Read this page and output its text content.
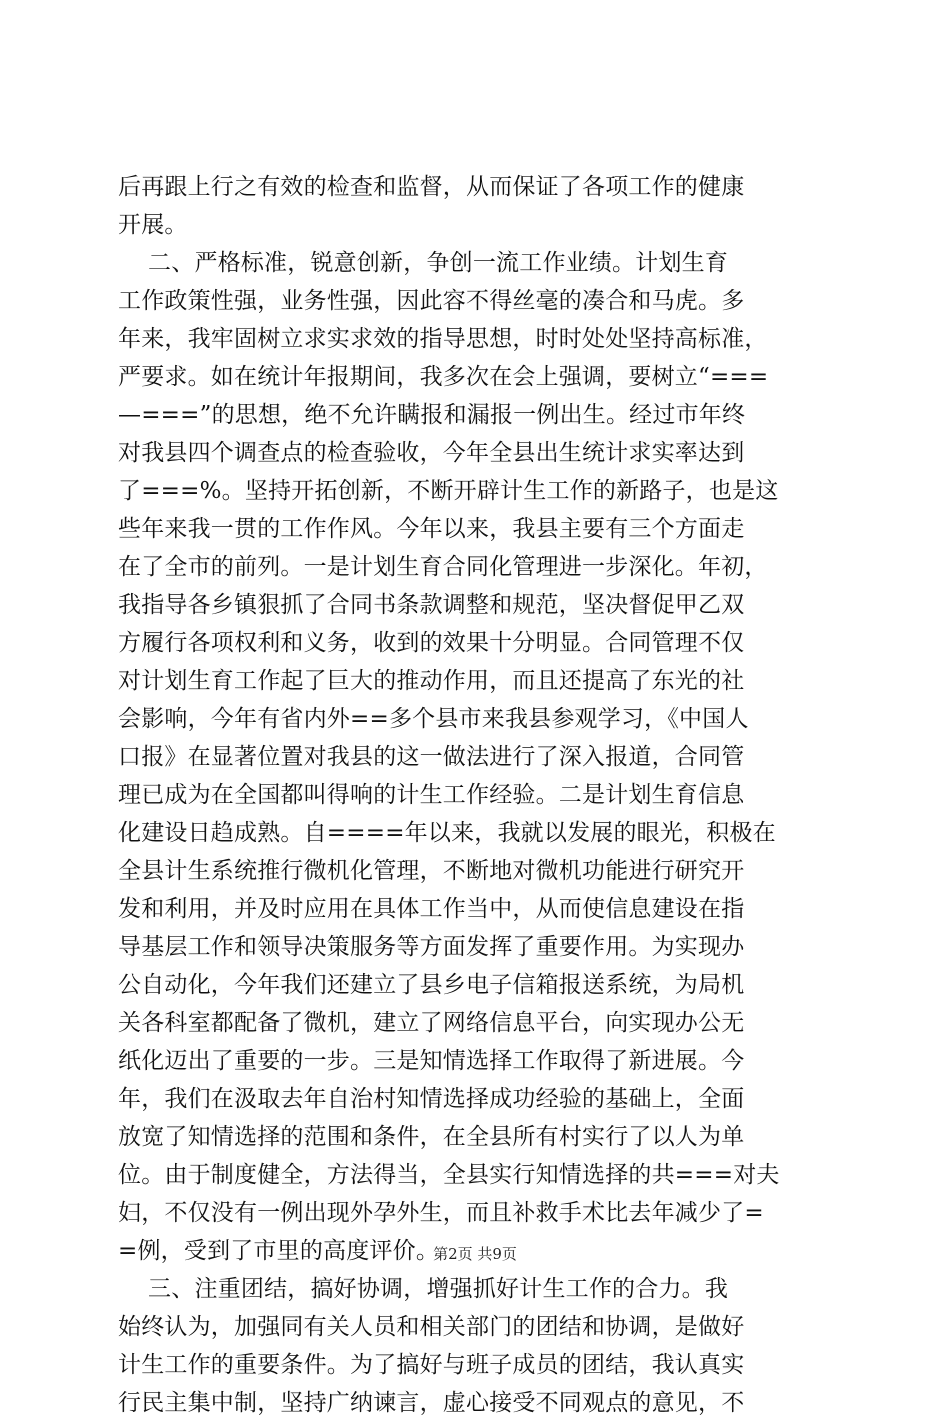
后再跟上行之有效的检查和监督，从而保证了各项工作的健康
开展。
二、严格标准，锐意创新，争创一流工作业绩。计划生育
工作政策性强，业务性强，因此容不得丝毫的凑合和马虎。多
年来，我牢固树立求实求效的指导思想，时时处处坚持高标准，
严要求。如在统计年报期间，我多次在会上强调，要树立“===
—===”的思想，绝不允许瞒报和漏报一例出生。经过市年终
对我县四个调查点的检查验收，今年全县出生统计求实率达到
了===%。坚持开拓创新，不断开辟计生工作的新路子，也是这
些年来我一贯的工作作风。今年以来，我县主要有三个方面走
在了全市的前列。一是计划生育合同化管理进一步深化。年初，
我指导各乡镇狠抓了合同书条款调整和规范，坚决督促甲乙双
方履行各项权利和义务，收到的效果十分明显。合同管理不仅
对计划生育工作起了巨大的推动作用，而且还提高了东光的社
会影响，今年有省内外==多个县市来我县参观学习，《中国人
口报》在显著位置对我县的这一做法进行了深入报道，合同管
理已成为在全国都叫得响的计生工作经验。二是计划生育信息
化建设日趋成熟。自====年以来，我就以发展的眼光，积极在
全县计生系统推行微机化管理，不断地对微机功能进行研究开
发和利用，并及时应用在具体工作当中，从而使信息建设在指
导基层工作和领导决策服务等方面发挥了重要作用。为实现办
公自动化，今年我们还建立了县乡电子信箱报送系统，为局机
关各科室都配备了微机，建立了网络信息平台，向实现办公无
纸化迈出了重要的一步。三是知情选择工作取得了新进展。今
年，我们在汲取去年自治村知情选择成功经验的基础上，全面
放宽了知情选择的范围和条件，在全县所有村实行了以人为单
位。由于制度健全，方法得当，全县实行知情选择的共===对夫
妇，不仅没有一例出现外孕外生，而且补救手术比去年减少了=
=例，受到了市里的高度评价。
三、注重团结，搞好协调，增强抓好计生工作的合力。我
始终认为，加强同有关人员和相关部门的团结和协调，是做好
计生工作的重要条件。为了搞好与班子成员的团结，我认真实
行民主集中制，坚持广纳谏言，虚心接受不同观点的意见，不
第2页 共9页
